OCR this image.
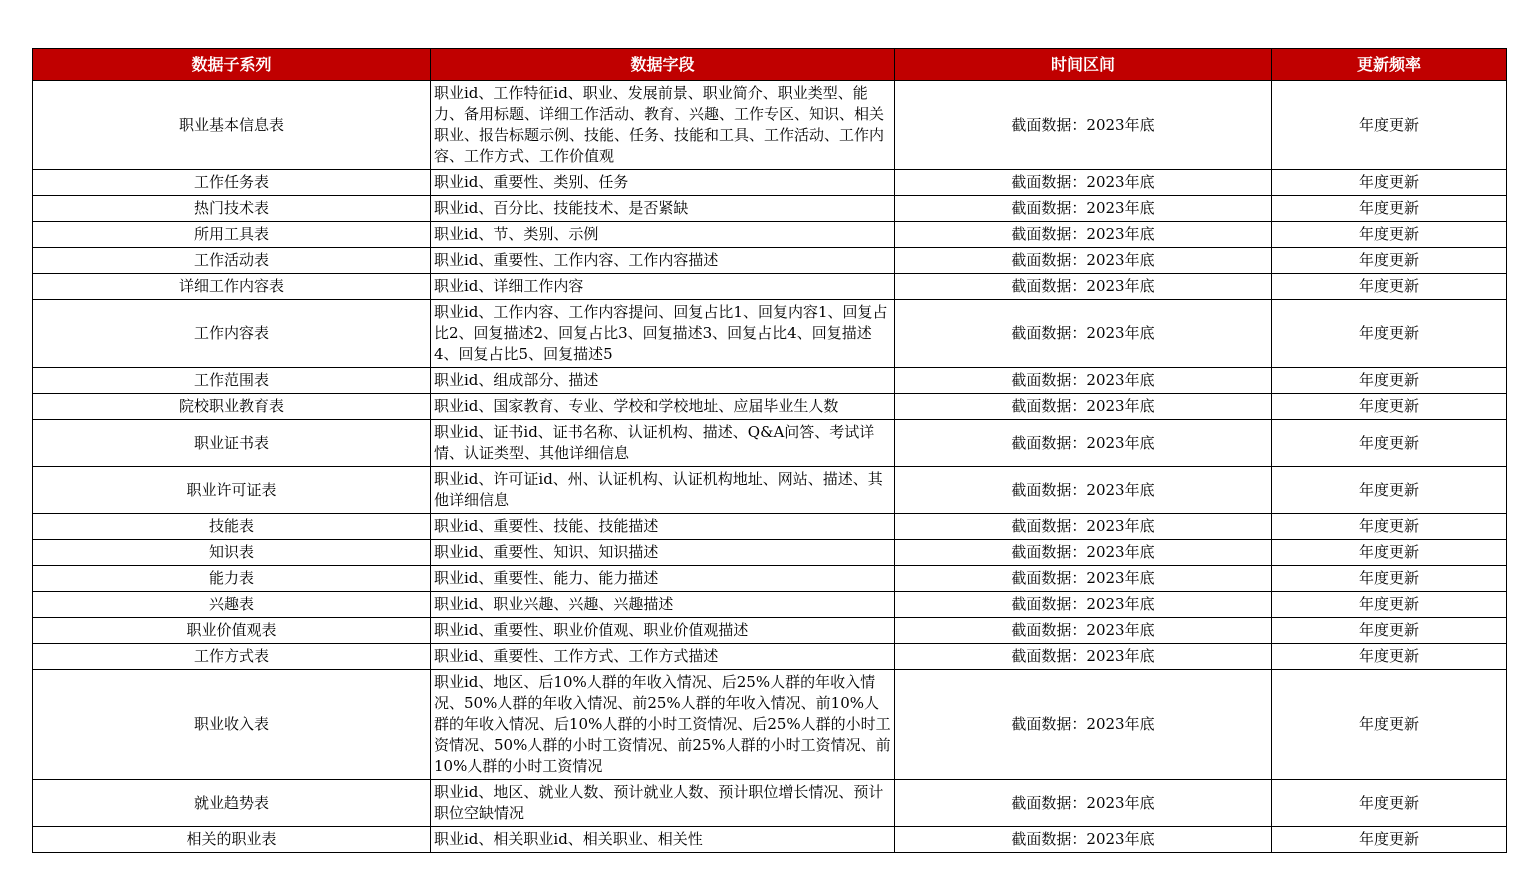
数据子系列	数据字段	时间区间	更新频率
职业基本信息表	职业id、工作特征id、职业、发展前景、职业简介、职业类型、能力、备用标题、详细工作活动、教育、兴趣、工作专区、知识、相关职业、报告标题示例、技能、任务、技能和工具、工作活动、工作内容、工作方式、工作价值观	截面数据：2023年底	年度更新
工作任务表	职业id、重要性、类别、任务	截面数据：2023年底	年度更新
热门技术表	职业id、百分比、技能技术、是否紧缺	截面数据：2023年底	年度更新
所用工具表	职业id、节、类别、示例	截面数据：2023年底	年度更新
工作活动表	职业id、重要性、工作内容、工作内容描述	截面数据：2023年底	年度更新
详细工作内容表	职业id、详细工作内容	截面数据：2023年底	年度更新
工作内容表	职业id、工作内容、工作内容提问、回复占比1、回复内容1、回复占比2、回复描述2、回复占比3、回复描述3、回复占比4、回复描述4、回复占比5、回复描述5	截面数据：2023年底	年度更新
工作范围表	职业id、组成部分、描述	截面数据：2023年底	年度更新
院校职业教育表	职业id、国家教育、专业、学校和学校地址、应届毕业生人数	截面数据：2023年底	年度更新
职业证书表	职业id、证书id、证书名称、认证机构、描述、Q&A问答、考试详情、认证类型、其他详细信息	截面数据：2023年底	年度更新
职业许可证表	职业id、许可证id、州、认证机构、认证机构地址、网站、描述、其他详细信息	截面数据：2023年底	年度更新
技能表	职业id、重要性、技能、技能描述	截面数据：2023年底	年度更新
知识表	职业id、重要性、知识、知识描述	截面数据：2023年底	年度更新
能力表	职业id、重要性、能力、能力描述	截面数据：2023年底	年度更新
兴趣表	职业id、职业兴趣、兴趣、兴趣描述	截面数据：2023年底	年度更新
职业价值观表	职业id、重要性、职业价值观、职业价值观描述	截面数据：2023年底	年度更新
工作方式表	职业id、重要性、工作方式、工作方式描述	截面数据：2023年底	年度更新
职业收入表	职业id、地区、后10%人群的年收入情况、后25%人群的年收入情况、50%人群的年收入情况、前25%人群的年收入情况、前10%人群的年收入情况、后10%人群的小时工资情况、后25%人群的小时工资情况、50%人群的小时工资情况、前25%人群的小时工资情况、前10%人群的小时工资情况	截面数据：2023年底	年度更新
就业趋势表	职业id、地区、就业人数、预计就业人数、预计职位增长情况、预计职位空缺情况	截面数据：2023年底	年度更新
相关的职业表	职业id、相关职业id、相关职业、相关性	截面数据：2023年底	年度更新
